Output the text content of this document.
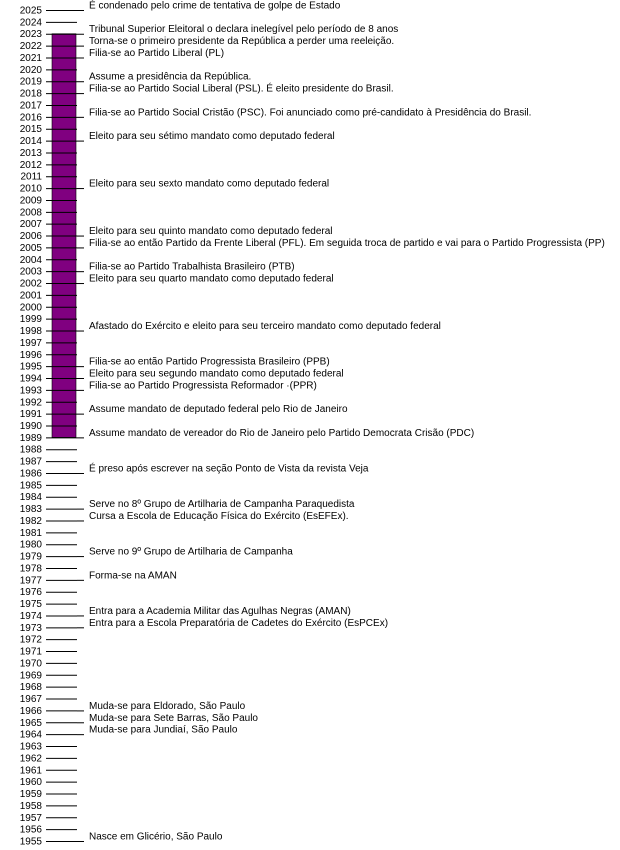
1955
1956
1957
1958
1959
1960
1961
1962
1963
1964
1965
1966
1967
1968
1969
1970
1971
1972
1973
1974
1975
1976
1977
1978
1979
1980
1981
1982
1983
1984
1985
1986
1987
1988
1989
1990
1991
1992
1993
1994
1995
1996
1997
1998
1999
2000
2001
2002
2003
2004
2005
2006
2007
2008
2009
2010
2011
2012
2013
2014
2015
2016
2017
2018
2019
2020
2021
2022
2023
2024
2025
Nasce em Glicério, São Paulo
Muda-se para Jundiaí, São Paulo
Muda-se para Sete Barras, São Paulo
Muda-se para Eldorado, São Paulo
Entra para a Escola Preparatória de Cadetes do Exército (EsPCEx)
Entra para a Academia Militar das Agulhas Negras (AMAN)
Forma-se na AMAN
Serve no 9º Grupo de Artilharia de Campanha
Cursa a Escola de Educação Física do Exército (EsEFEx).
Serve no 8º Grupo de Artilharia de Campanha Paraquedista
É preso após escrever na seção Ponto de Vista da revista Veja
Assume mandato de vereador do Rio de Janeiro pelo Partido Democrata Crisão (PDC)
Assume mandato de deputado federal pelo Rio de Janeiro
Filia-se ao Partido Progressista Reformador ·(PPR)
Eleito para seu segundo mandato como deputado federal
Filia-se ao então Partido Progressista Brasileiro (PPB)
Afastado do Exército e eleito para seu terceiro mandato como deputado federal
Eleito para seu quarto mandato como deputado federal
Filia-se ao Partido Trabalhista Brasileiro (PTB)
Filia-se ao então Partido da Frente Liberal (PFL). Em seguida troca de partido e vai para o Partido Progressista (PP)
Eleito para seu quinto mandato como deputado federal
Eleito para seu sexto mandato como deputado federal
Eleito para seu sétimo mandato como deputado federal
Filia-se ao Partido Social Cristão (PSC). Foi anunciado como pré-candidato à Presidência do Brasil.
Filia-se ao Partido Social Liberal (PSL). É eleito presidente do Brasil.
Assume a presidência da República.
Filia-se ao Partido Liberal (PL)
Torna-se o primeiro presidente da República a perder uma reeleição.
Tribunal Superior Eleitoral o declara inelegível pelo período de 8 anos
É condenado pelo crime de tentativa de golpe de Estado
